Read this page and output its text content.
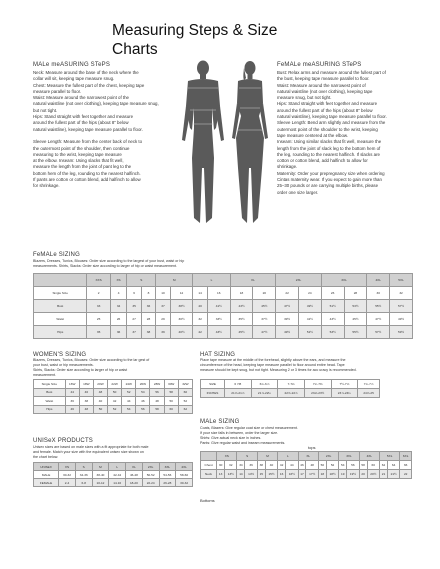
Measuring Steps & Size
Charts
MALe meASURING STePS
Neck: Measure around the base of the neck where the
collar will sit, keeping tape measure snug.
Chest: Measure the fullest part of the chest, keeping tape
measure parallel to floor.
Waist: Measure around the narrowest point of the
natural waistline (not over clothing), keeping tape measure snug,
but not tight.
Hips: Stand straight with feet together and measure
around the fullest part of the hips (about 8" below
natural waistline), keeping tape measure parallel to floor.

Sleeve Length: Measure from the center back of neck to
the outermost point of the shoulder, then continue
measuring to the wrist, keeping tape measure
at the elbow. Inseam: Using slacks that fit well,
measure the length from the joint of pant leg to the
bottom hem of the leg, rounding to the nearest halfinch.
If pants are cotton or cotton blend, add halfinch to allow
for shrinkage.
FeMALe meASURING STePS
Bust: Relax arms and measure around the fullest part of
the bust, keeping tape measure parallel to floor.
Waist: Measure around the narrowest point of
natural waistline (not over clothing), keeping tape
measure snug, but not tight.
Hips: Stand straight with feet together and measure
around the fullest part of the hips (about 8" below
natural waistline), keeping tape measure parallel to floor.
Sleeve Length: Bend arm slightly and measure from the
outermost point of the shoulder to the wrist, keeping
tape measure centered at the elbow.
Inseam: Using similar slacks that fit well, measure the
length from the joint of slack leg to the bottom hem of
the leg, rounding to the nearest halfinch. If slacks are
cotton or cotton blend, add halfinch to allow for
shrinkage.
Maternity: Order your prepregnancy size when ordering
Cintas maternity wear. If you expect to gain more than
25–30 pounds or are carrying multiple births, please
order one size larger.
FeMALe SIZING
Blazers, Dresses, Tunics, Blouses: Order size according to the largest of your bust, waist or hip
measurements. Shirts, Slacks: Order size according to larger of hip or waist measurement.
	XXS	XS	S		M		L		XL		2XL		3XL		4XL	5XL
Single Size	2	4	6	8	10	12	14	16	18	20	22	24	26	28	30	32
Bust	33	34	35	36	37	38½	40	41½	43½	45½	47½	49½	51½	53½	55½	57½
Waist	25	26	27	28	29	30½	32	33½	35½	37½	39½	41½	43½	45½	47½	49½
Hips	35	36	37	38	39	40½	42	43½	45½	47½	49½	51½	53½	55½	57½	59½
WOMEN'S SIZING
Blazers, Dresses, Tunics, Blouses: Order size according to the lar gest of
your bust, waist or hip measurements.
Skirts, Slacks: Order size according to larger of hip or waist
measurement.
Single Size	16W	18W	20W	22W	24W	26W	28W	30W	32W
Bust	44	46	48	50	52	54	56	58	60
Waist	36	38	40	42	44	46	48	50	52
Hips	46	48	50	52	54	56	58	60	62
HAT SIZING
Place tape measure at the middle of the forehead, slightly above the ears, and measure the
circumference of the head, keeping tape measure parallel to floor around entire head. Tape
measure should be kept snug, but not tight. Measuring 2 or 3 times for acc uracy is recommended.
SIZE	6 7/8	6¾-6⅞	7-7⅛	7¼-7⅜	7½-7⅝	7¾-7⅞
INCHES	21⅝-21⅞	21⅞-22¼	22⅝-22⅞	23⅛-23½	23⅞-24¼	24⅝-25
UNISeX PRODUCTS
Unisex sizes are based on male sizes with a fit appropriate for both male
and female. Match your size with the equivalent unisex size shown on
the chart below.
UNISEX	XS	S	M	L	XL	2XL	3XL	4XL
MALE	30-32	34-36	38-40	42-44	46-48	50-52	54-56	58-60
FEMALE	2-4	6-8	10-12	14-16	18-20	22-24	26-28	30-32
MALe SIZING
Coats, Blazers: Give regular coat size or chest measurement.
If your size falls in between, order the larger size.
Shirts: Give actual neck size in inches.
Pants: Give regular waist and inseam measurements.
tops
	XS		S		M		L		XL		2XL		3XL		4XL		5XL		6XL
Chest	30	32	34	36	38	40	42	44	46	48	50	52	54	56	58	60	62	64	66
Neck	13	13½	14	14½	15	15½	16	16½	17	17½	18	18½	19	19½	20	20½	21	21½	22
Bottoms
